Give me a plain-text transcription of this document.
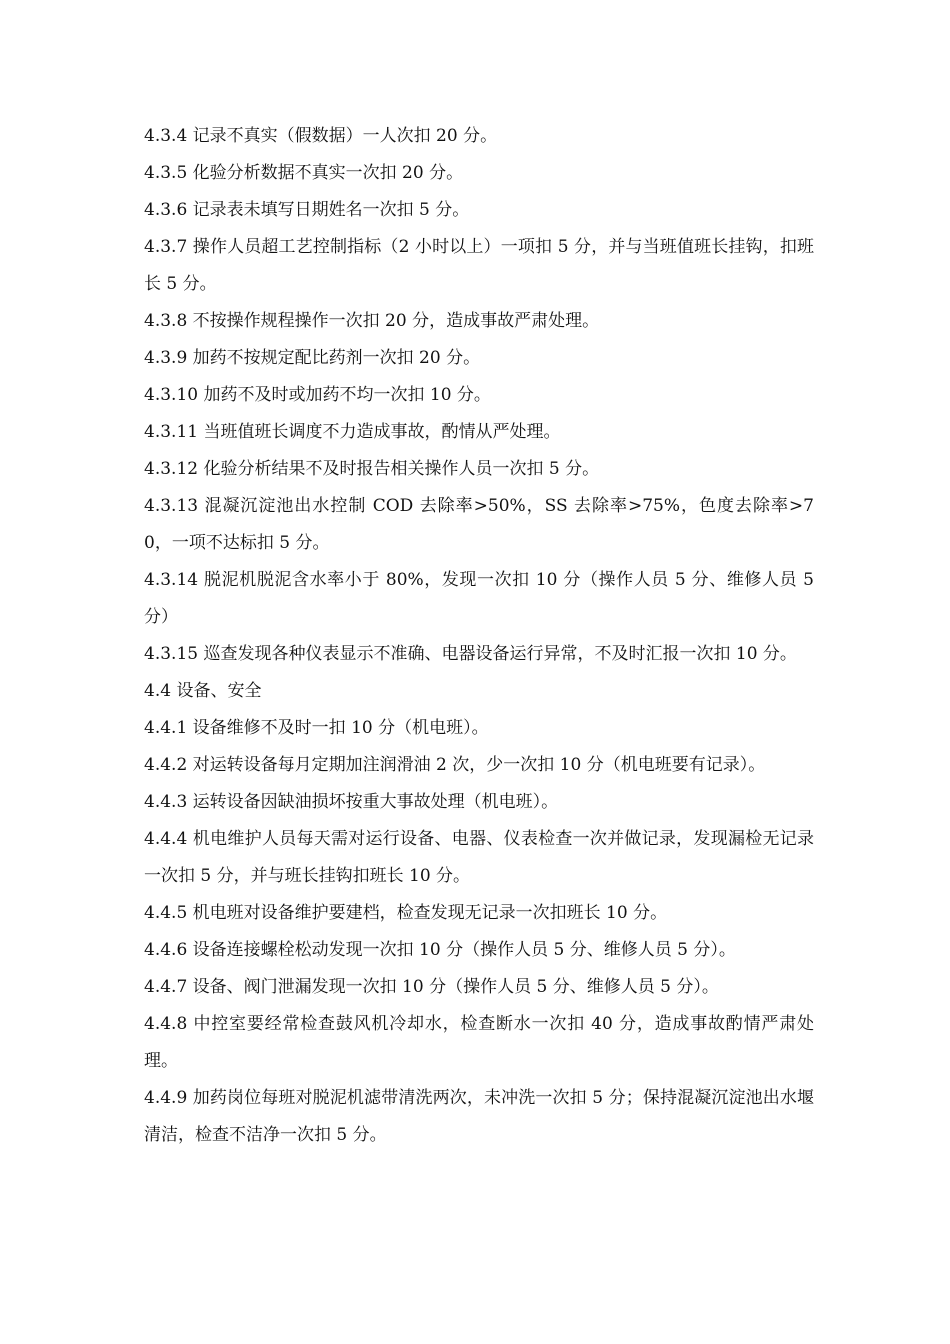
4.3.4 记录不真实（假数据）一人次扣 20 分。

4.3.5 化验分析数据不真实一次扣 20 分。

4.3.6 记录表未填写日期姓名一次扣 5 分。

4.3.7 操作人员超工艺控制指标（2 小时以上）一项扣 5 分，并与当班值班长挂钩，扣班长 5 分。

4.3.8 不按操作规程操作一次扣 20 分，造成事故严肃处理。

4.3.9 加药不按规定配比药剂一次扣 20 分。

4.3.10 加药不及时或加药不均一次扣 10 分。

4.3.11 当班值班长调度不力造成事故，酌情从严处理。

4.3.12 化验分析结果不及时报告相关操作人员一次扣 5 分。

4.3.13 混凝沉淀池出水控制 COD 去除率>50%，SS 去除率>75%，色度去除率>70，一项不达标扣 5 分。

4.3.14 脱泥机脱泥含水率小于 80%，发现一次扣 10 分（操作人员 5 分、维修人员 5 分）

4.3.15 巡查发现各种仪表显示不准确、电器设备运行异常，不及时汇报一次扣 10 分。

4.4 设备、安全

4.4.1 设备维修不及时一扣 10 分（机电班）。

4.4.2 对运转设备每月定期加注润滑油 2 次，少一次扣 10 分（机电班要有记录）。

4.4.3 运转设备因缺油损坏按重大事故处理（机电班）。

4.4.4 机电维护人员每天需对运行设备、电器、仪表检查一次并做记录，发现漏检无记录一次扣 5 分，并与班长挂钩扣班长 10 分。

4.4.5 机电班对设备维护要建档，检查发现无记录一次扣班长 10 分。

4.4.6 设备连接螺栓松动发现一次扣 10 分（操作人员 5 分、维修人员 5 分）。

4.4.7 设备、阀门泄漏发现一次扣 10 分（操作人员 5 分、维修人员 5 分）。

4.4.8 中控室要经常检查鼓风机冷却水，检查断水一次扣 40 分，造成事故酌情严肃处理。

4.4.9 加药岗位每班对脱泥机滤带清洗两次，未冲洗一次扣 5 分；保持混凝沉淀池出水堰清洁，检查不洁净一次扣 5 分。
